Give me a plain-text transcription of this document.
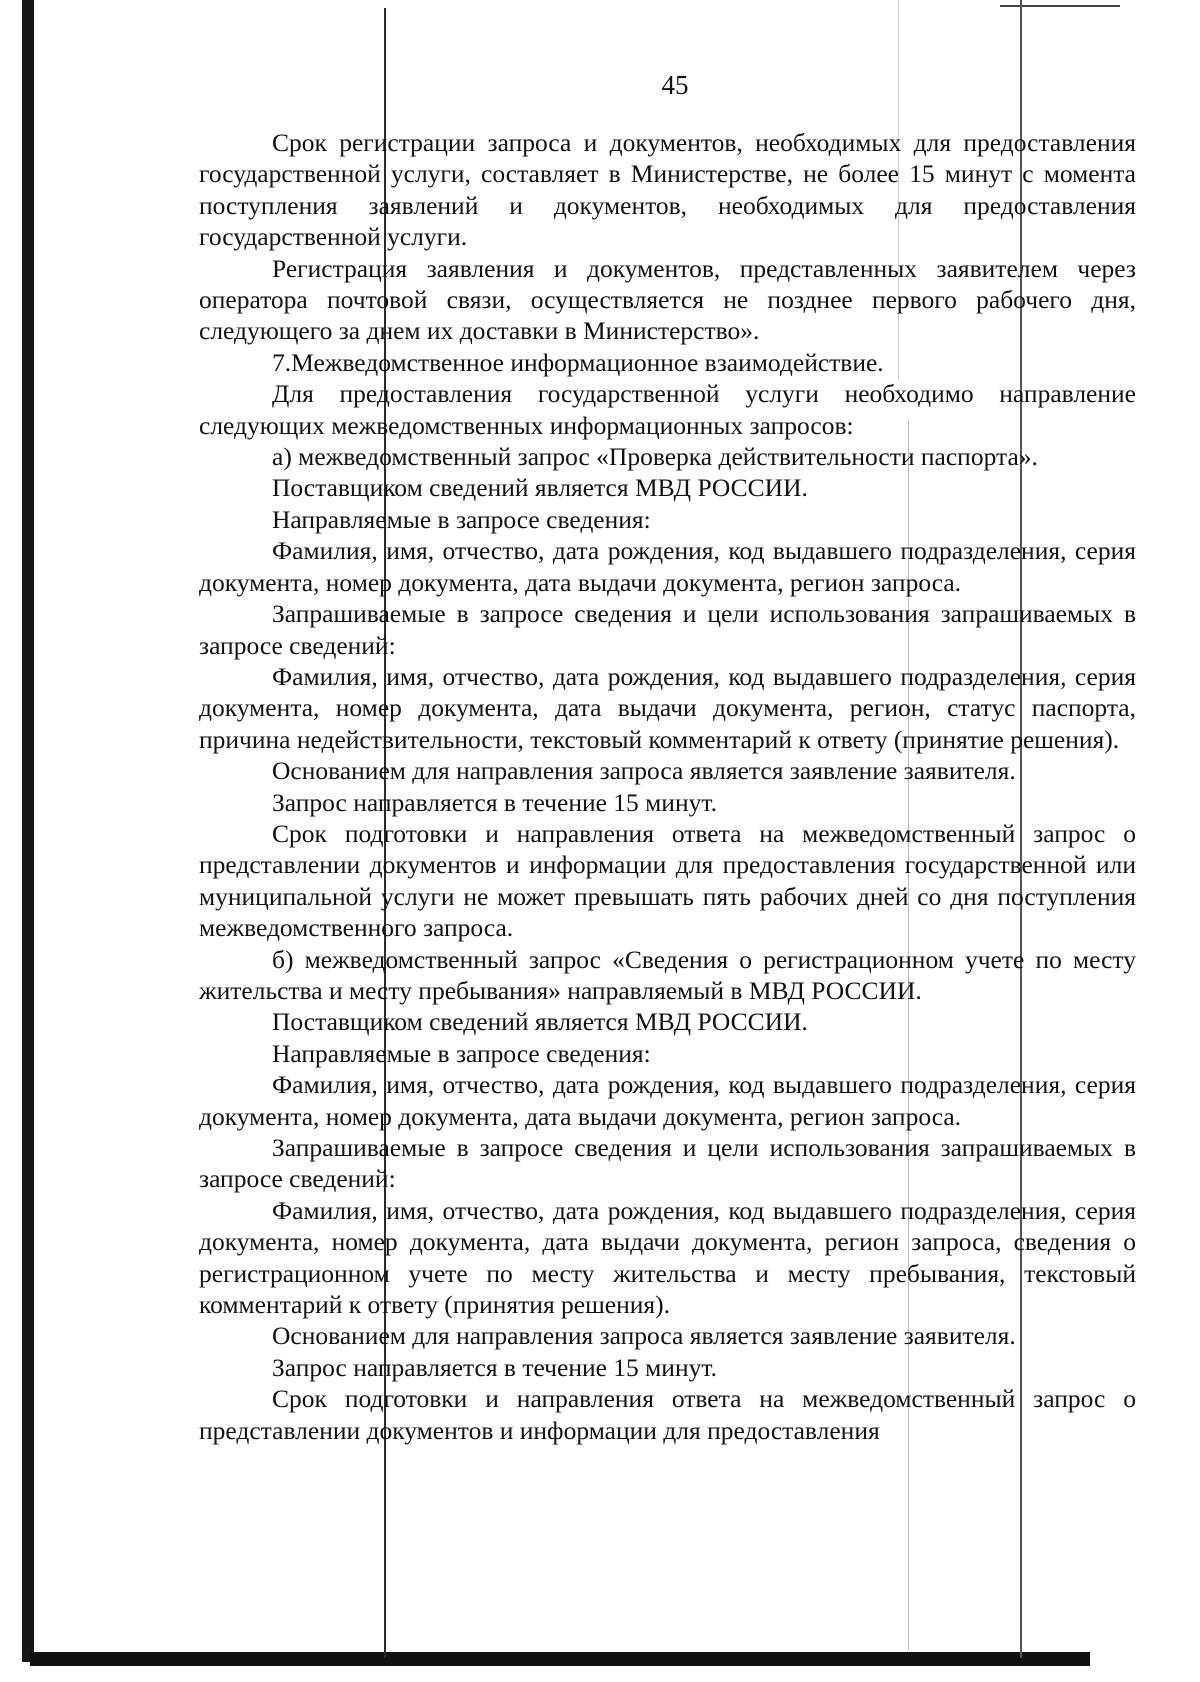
45

Срок регистрации запроса и документов, необходимых для предоставления государственной услуги, составляет в Министерстве, не более 15 минут с момента поступления заявлений и документов, необходимых для предоставления государственной услуги.

Регистрация заявления и документов, представленных заявителем через оператора почтовой связи, осуществляется не позднее первого рабочего дня, следующего за днем их доставки в Министерство».

7.Межведомственное информационное взаимодействие.

Для предоставления государственной услуги необходимо направление следующих межведомственных информационных запросов:

а) межведомственный запрос «Проверка действительности паспорта».

Поставщиком сведений является МВД РОССИИ.

Направляемые в запросе сведения:

Фамилия, имя, отчество, дата рождения, код выдавшего подразделения, серия документа, номер документа, дата выдачи документа, регион запроса.

Запрашиваемые в запросе сведения и цели использования запрашиваемых в запросе сведений:

Фамилия, имя, отчество, дата рождения, код выдавшего подразделения, серия документа, номер документа, дата выдачи документа, регион, статус паспорта, причина недействительности, текстовый комментарий к ответу (принятие решения).

Основанием для направления запроса является заявление заявителя.

Запрос направляется в течение 15 минут.

Срок подготовки и направления ответа на межведомственный запрос о представлении документов и информации для предоставления государственной или муниципальной услуги не может превышать пять рабочих дней со дня поступления межведомственного запроса.

б) межведомственный запрос «Сведения о регистрационном учете по месту жительства и месту пребывания» направляемый в МВД РОССИИ.

Поставщиком сведений является МВД РОССИИ.

Направляемые в запросе сведения:

Фамилия, имя, отчество, дата рождения, код выдавшего подразделения, серия документа, номер документа, дата выдачи документа, регион запроса.

Запрашиваемые в запросе сведения и цели использования запрашиваемых в запросе сведений:

Фамилия, имя, отчество, дата рождения, код выдавшего подразделения, серия документа, номер документа, дата выдачи документа, регион запроса, сведения о регистрационном учете по месту жительства и месту пребывания, текстовый комментарий к ответу (принятия решения).

Основанием для направления запроса является заявление заявителя.

Запрос направляется в течение 15 минут.

Срок подготовки и направления ответа на межведомственный запрос о представлении документов и информации для предоставления
